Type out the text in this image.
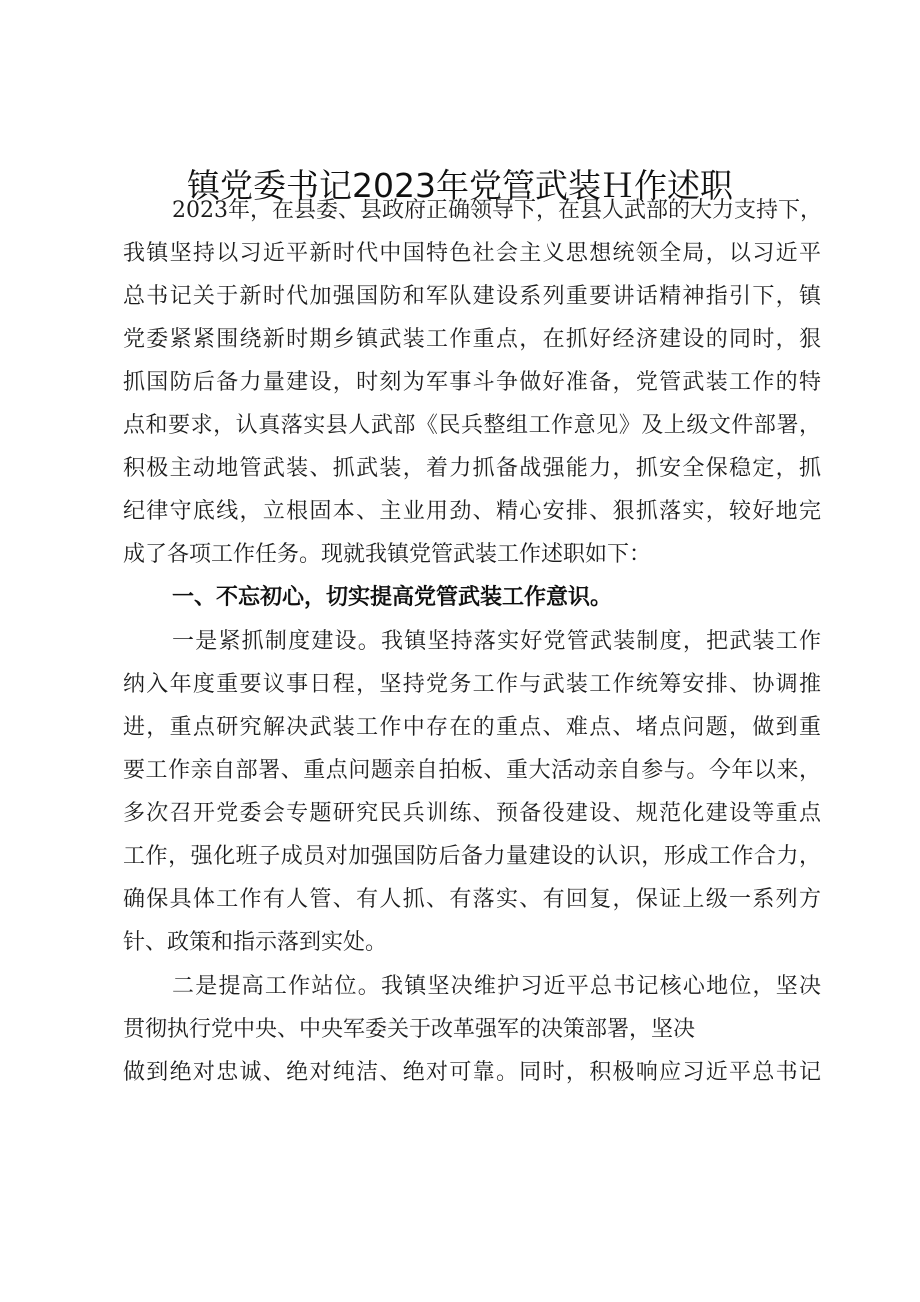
镇党委书记2023年党管武装Ｈ作述职

2023年，在县委、县政府正确领导下，在县人武部的大力支持下，

我镇坚持以习近平新时代中国特色社会主义思想统领全局，以习近平

总书记关于新时代加强国防和军队建设系列重要讲话精神指引下，镇

党委紧紧围绕新时期乡镇武装工作重点，在抓好经济建设的同时，狠

抓国防后备力量建设，时刻为军事斗争做好准备，党管武装工作的特

点和要求，认真落实县人武部《民兵整组工作意见》及上级文件部署，

积极主动地管武装、抓武装，着力抓备战强能力，抓安全保稳定，抓

纪律守底线，立根固本、主业用劲、精心安排、狠抓落实，较好地完

成了各项工作任务。现就我镇党管武装工作述职如下：

一、不忘初心，切实提高党管武装工作意识。

一是紧抓制度建设。我镇坚持落实好党管武装制度，把武装工作

纳入年度重要议事日程，坚持党务工作与武装工作统筹安排、协调推

进，重点研究解决武装工作中存在的重点、难点、堵点问题，做到重

要工作亲自部署、重点问题亲自拍板、重大活动亲自参与。今年以来，

多次召开党委会专题研究民兵训练、预备役建设、规范化建设等重点

工作，强化班子成员对加强国防后备力量建设的认识，形成工作合力，

确保具体工作有人管、有人抓、有落实、有回复，保证上级一系列方

针、政策和指示落到实处。

二是提高工作站位。我镇坚决维护习近平总书记核心地位，坚决

贯彻执行党中央、中央军委关于改革强军的决策部署，坚决

做到绝对忠诚、绝对纯洁、绝对可靠。同时，积极响应习近平总书记
